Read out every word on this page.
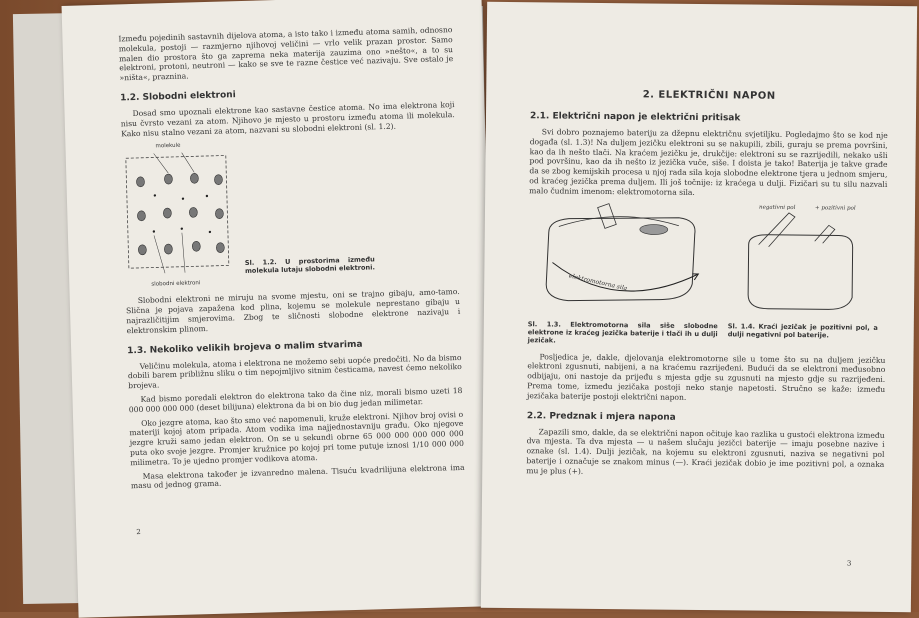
Između pojedinih sastavnih dijelova atoma, a isto tako i između atoma samih, odnosno molekula, postoji — razmjerno njihovoj veličini — vrlo velik prazan prostor. Samo malen dio prostora što ga zaprema neka materija zauzima ono »nešto«, a to su elektroni, protoni, neutroni — kako se sve te razne čestice već nazivaju. Sve ostalo je »ništa«, praznina.

1.2. Slobodni elektroni

Dosad smo upoznali elektrone kao sastavne čestice atoma. No ima elektrona koji nisu čvrsto vezani za atom. Njihovo je mjesto u prostoru između atoma ili molekula. Kako nisu stalno vezani za atom, nazvani su slobodni elektroni (sl. 1.2).

molekule
slobodni elektroni

Sl. 1.2. U prostorima između molekula lutaju slobodni elektroni.

Slobodni elektroni ne miruju na svome mjestu, oni se trajno gibaju, amo-tamo. Slična je pojava zapažena kod plina, kojemu se molekule neprestano gibaju u najrazličitijim smjerovima. Zbog te sličnosti slobodne elektrone nazivaju i elektronskim plinom.

1.3. Nekoliko velikih brojeva o malim stvarima

Veličinu molekula, atoma i elektrona ne možemo sebi uopće predočiti. No da bismo dobili barem približnu sliku o tim nepojmljivo sitnim česticama, navest ćemo nekoliko brojeva.

Kad bismo poredali elektron do elektrona tako da čine niz, morali bismo uzeti 18 000 000 000 000 (deset bilijuna) elektrona da bi on bio dug jedan milimetar.

Oko jezgre atoma, kao što smo već napomenuli, kruže elektroni. Njihov broj ovisi o materiji kojoj atom pripada. Atom vodika ima najjednostavniju građu. Oko njegove jezgre kruži samo jedan elektron. On se u sekundi obrne 65 000 000 000 000 000 puta oko svoje jezgre. Promjer kružnice po kojoj pri tome putuje iznosi 1/10 000 000 milimetra. To je ujedno promjer vodikova atoma.

Masa elektrona također je izvanredno malena. Tisuću kvadrilijuna elektrona ima masu od jednog grama.

2
2. ELEKTRIČNI NAPON
2.1. Električni napon je električni pritisak

Svi dobro poznajemo bateriju za džepnu električnu svjetiljku. Pogledajmo što se kod nje događa (sl. 1.3)! Na duljem jezičku elektroni su se nakupili, zbili, guraju se prema površini, kao da ih nešto tlači. Na kraćem jezičku je, drukčije: elektroni su se razrijedili, nekako ušli pod površinu, kao da ih nešto iz jezička vuče, siše. I doista je tako! Baterija je takve građe da se zbog kemijskih procesa u njoj rada sila koja slobodne elektrone tjera u jednom smjeru, od kraćeg jezička prema duljem. Ili još točnije: iz kraćega u dulji. Fizičari su tu silu nazvali malo čudnim imenom: elektromotorna sila.

elektromotorna sila

Sl. 1.3. Elektromotorna sila siše slobodne elektrone iz kraćeg jezička baterije i tlači ih u dulji jezičak.

negativni pol	+ pozitivni pol

Sl. 1.4. Kraći jezičak je pozitivni pol, a dulji negativni pol baterije.

Posljedica je, dakle, djelovanja elektromotorne sile u tome što su na duljem jezičku elektroni zgusnuti, nabijeni, a na kraćemu razrijeđeni. Budući da se elektroni međusobno odbijaju, oni nastoje da prijeđu s mjesta gdje su zgusnuti na mjesto gdje su razrijeđeni. Prema tome, između jezičaka postoji neko stanje napetosti. Stručno se kaže: između jezičaka baterije postoji električni napon.

2.2. Predznak i mjera napona

Zapazili smo, dakle, da se električni napon očituje kao razlika u gustoći elektrona između dva mjesta. Ta dva mjesta — u našem slučaju jezičci baterije — imaju posebne nazive i oznake (sl. 1.4). Dulji jezičak, na kojemu su elektroni zgusnuti, naziva se negativni pol baterije i označuje se znakom minus (—). Kraći jezičak dobio je ime pozitivni pol, a oznaka mu je plus (+).

3
